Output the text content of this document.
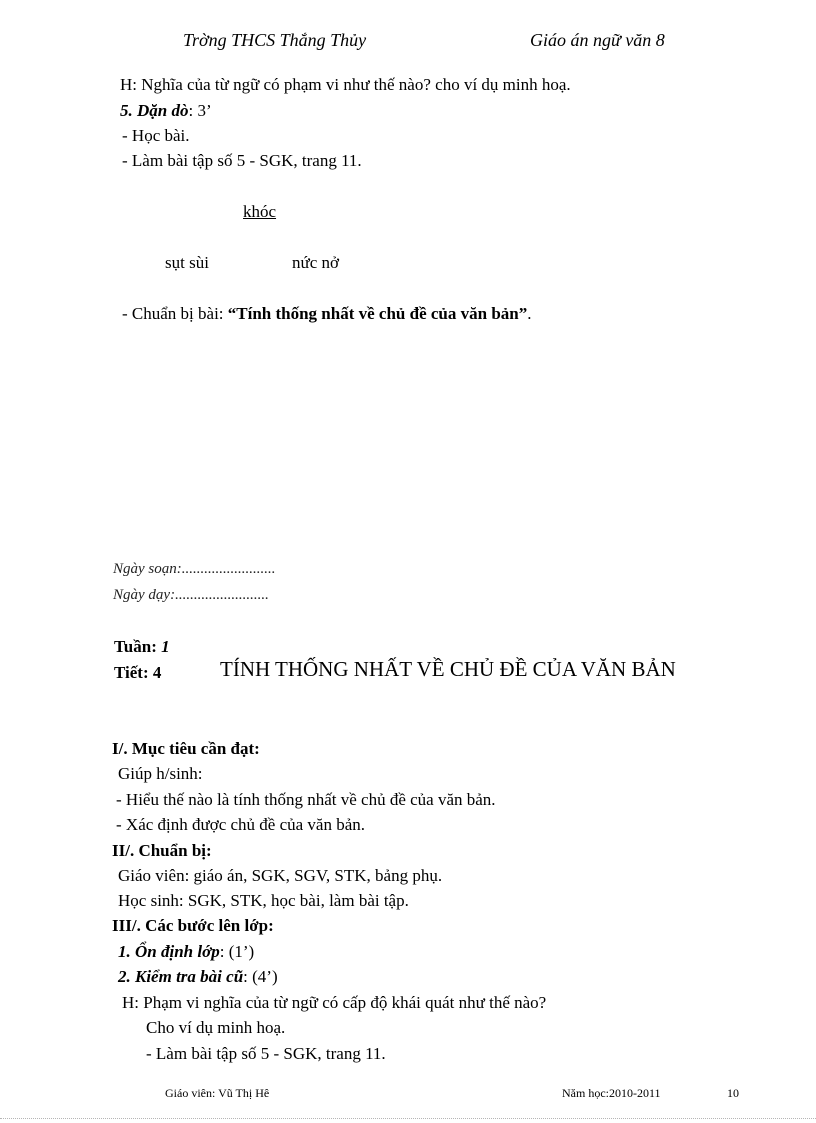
Trờng THCS Thắng Thủy	Giáo án ngữ văn 8
H: Nghĩa của từ ngữ có phạm vi như thế nào? cho ví dụ minh hoạ.
5. Dặn dò: 3’
- Học bài.
- Làm bài tập số 5 - SGK, trang 11.
khóc
sụt sùi	nức nở
- Chuẩn bị bài: “Tính thống nhất về chủ đề của văn bản”.
Ngày soạn:.........................
Ngày dạy:.........................
Tuần: 1
Tiết: 4	TÍNH THỐNG NHẤT VỀ CHỦ ĐỀ CỦA VĂN BẢN
I/. Mục tiêu cần đạt:
Giúp h/sinh:
- Hiểu thế nào là tính thống nhất về chủ đề của văn bản.
- Xác định được chủ đề của văn bản.
II/. Chuẩn bị:
Giáo viên: giáo án, SGK, SGV, STK, bảng phụ.
Học sinh: SGK, STK, học bài, làm bài tập.
III/. Các bước lên lớp:
1. Ổn định lớp: (1’)
2. Kiểm tra bài cũ: (4’)
H: Phạm vi nghĩa của từ ngữ có cấp độ khái quát như thế nào?
Cho ví dụ minh hoạ.
- Làm bài tập số 5 - SGK, trang 11.
Giáo viên: Vũ Thị Hê	Năm học:2010-2011	10
